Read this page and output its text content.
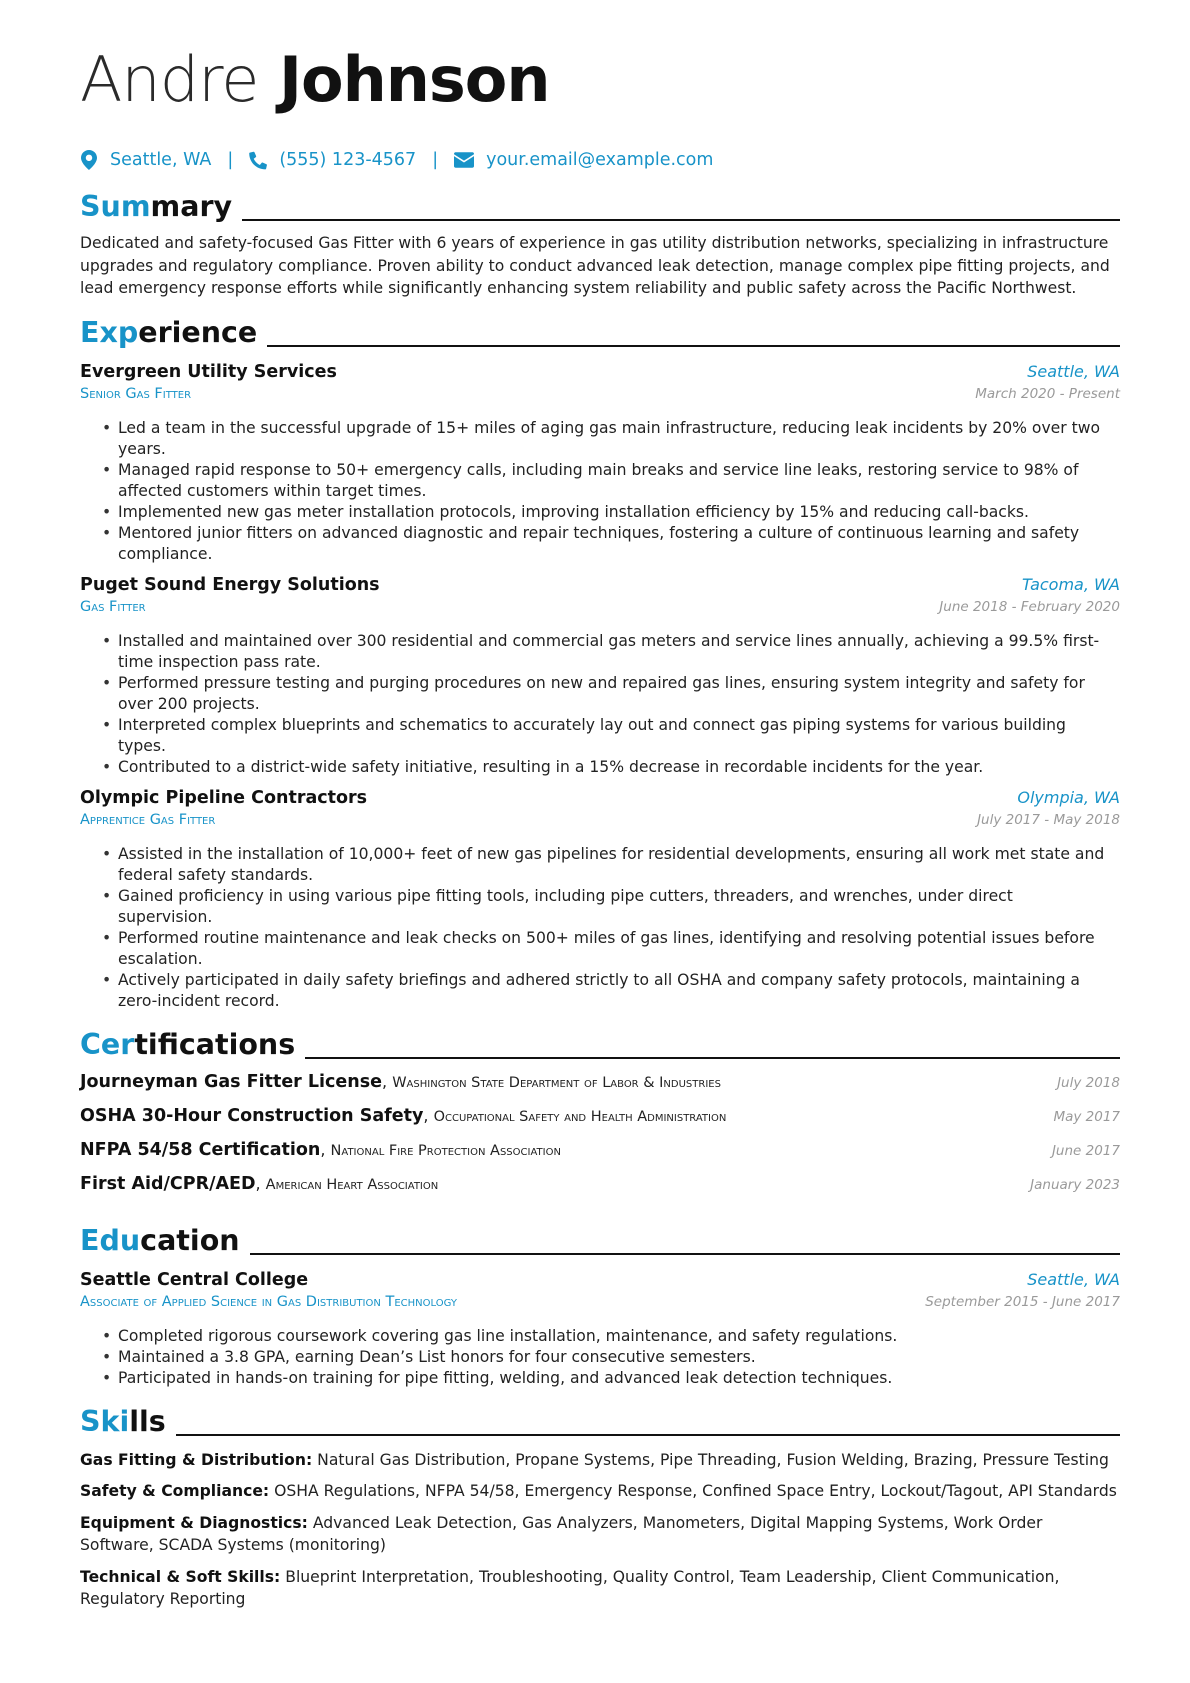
Andre Johnson
Seattle, WA |	(555) 123-4567 |	your.email@example.com
Summary

Dedicated and safety-focused Gas Fitter with 6 years of experience in gas utility distribution networks, specializing in infrastructure upgrades and regulatory compliance. Proven ability to conduct advanced leak detection, manage complex pipe fitting projects, and lead emergency response efforts while significantly enhancing system reliability and public safety across the Pacific Northwest.

Experience
Evergreen Utility Services	Seattle, WA
Senior Gas Fitter	March 2020 - Present
• Led a team in the successful upgrade of 15+ miles of aging gas main infrastructure, reducing leak incidents by 20% over two years.
• Managed rapid response to 50+ emergency calls, including main breaks and service line leaks, restoring service to 98% of affected customers within target times.
• Implemented new gas meter installation protocols, improving installation efficiency by 15% and reducing call-backs.
• Mentored junior fitters on advanced diagnostic and repair techniques, fostering a culture of continuous learning and safety compliance.
Puget Sound Energy Solutions	Tacoma, WA
Gas Fitter	June 2018 - February 2020
• Installed and maintained over 300 residential and commercial gas meters and service lines annually, achieving a 99.5% first-time inspection pass rate.
• Performed pressure testing and purging procedures on new and repaired gas lines, ensuring system integrity and safety for over 200 projects.
• Interpreted complex blueprints and schematics to accurately lay out and connect gas piping systems for various building types.
• Contributed to a district-wide safety initiative, resulting in a 15% decrease in recordable incidents for the year.
Olympic Pipeline Contractors	Olympia, WA
Apprentice Gas Fitter	July 2017 - May 2018
• Assisted in the installation of 10,000+ feet of new gas pipelines for residential developments, ensuring all work met state and federal safety standards.
• Gained proficiency in using various pipe fitting tools, including pipe cutters, threaders, and wrenches, under direct supervision.
• Performed routine maintenance and leak checks on 500+ miles of gas lines, identifying and resolving potential issues before escalation.
• Actively participated in daily safety briefings and adhered strictly to all OSHA and company safety protocols, maintaining a zero-incident record.
Certifications
Journeyman Gas Fitter License, Washington State Department of Labor & Industries	July 2018
OSHA 30-Hour Construction Safety, Occupational Safety and Health Administration	May 2017
NFPA 54/58 Certification, National Fire Protection Association	June 2017
First Aid/CPR/AED, American Heart Association	January 2023
Education
Seattle Central College	Seattle, WA
Associate of Applied Science in Gas Distribution Technology	September 2015 - June 2017
• Completed rigorous coursework covering gas line installation, maintenance, and safety regulations.
• Maintained a 3.8 GPA, earning Dean’s List honors for four consecutive semesters.
• Participated in hands-on training for pipe fitting, welding, and advanced leak detection techniques.
Skills

Gas Fitting & Distribution: Natural Gas Distribution, Propane Systems, Pipe Threading, Fusion Welding, Brazing, Pressure Testing

Safety & Compliance: OSHA Regulations, NFPA 54/58, Emergency Response, Confined Space Entry, Lockout/Tagout, API Standards

Equipment & Diagnostics: Advanced Leak Detection, Gas Analyzers, Manometers, Digital Mapping Systems, Work Order Software, SCADA Systems (monitoring)

Technical & Soft Skills: Blueprint Interpretation, Troubleshooting, Quality Control, Team Leadership, Client Communication, Regulatory Reporting
